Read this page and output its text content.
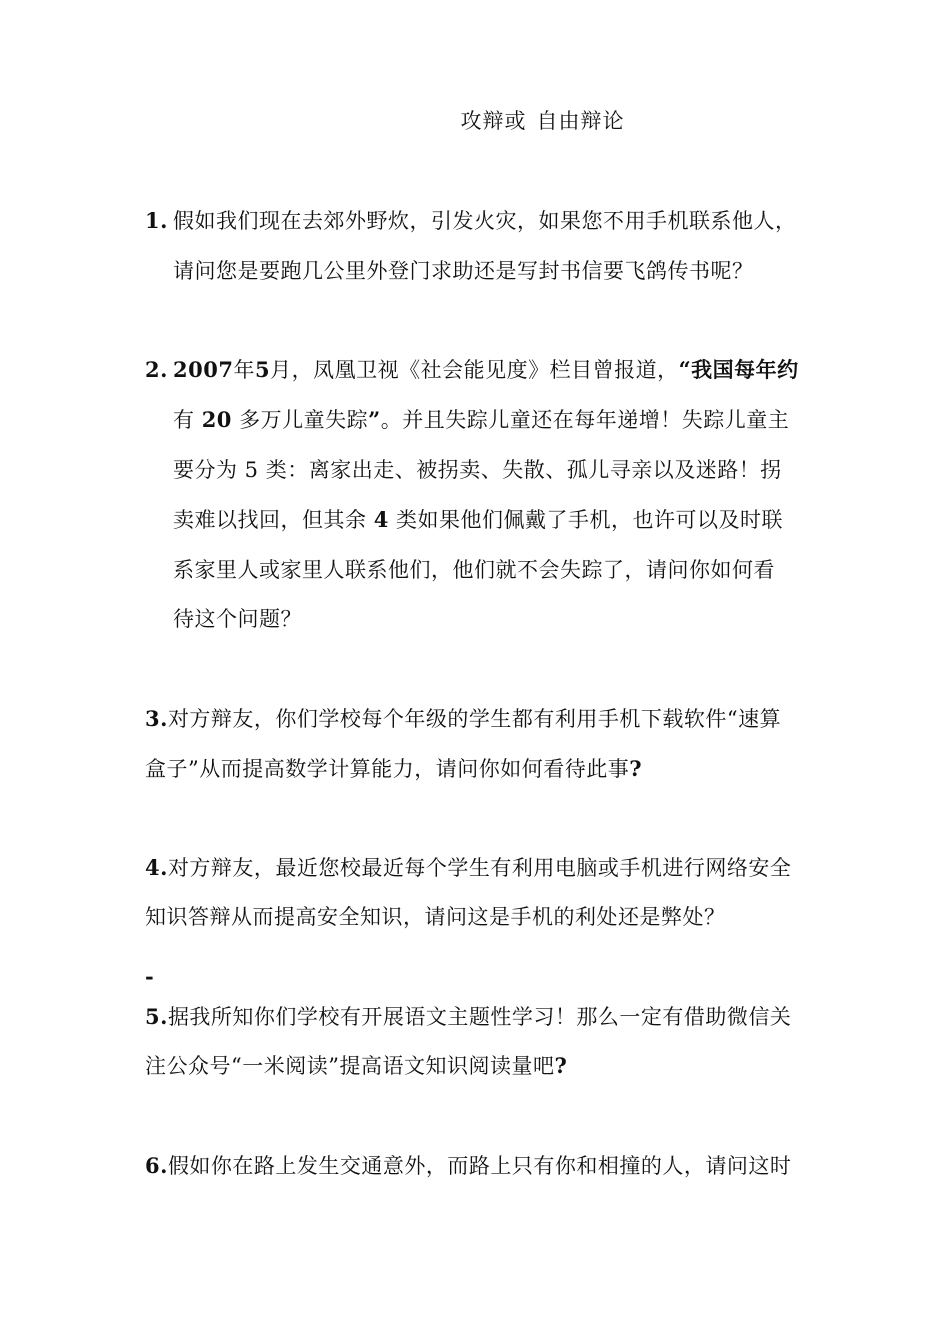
攻辩或 自由辩论
1. 假如我们现在去郊外野炊，引发火灾，如果您不用手机联系他人，
请问您是要跑几公里外登门求助还是写封书信要飞鸽传书呢？
2. 2007年5月，凤凰卫视《社会能见度》栏目曾报道，“我国每年约
有 20 多万儿童失踪”。并且失踪儿童还在每年递增！失踪儿童主
要分为 5 类：离家出走、被拐卖、失散、孤儿寻亲以及迷路！拐
卖难以找回，但其余 4 类如果他们佩戴了手机，也许可以及时联
系家里人或家里人联系他们，他们就不会失踪了，请问你如何看
待这个问题？
3.对方辩友，你们学校每个年级的学生都有利用手机下载软件“速算
盒子”从而提高数学计算能力，请问你如何看待此事?
4.对方辩友，最近您校最近每个学生有利用电脑或手机进行网络安全
知识答辩从而提高安全知识，请问这是手机的利处还是弊处？
-
5.据我所知你们学校有开展语文主题性学习！那么一定有借助微信关
注公众号“一米阅读”提高语文知识阅读量吧?
6.假如你在路上发生交通意外，而路上只有你和相撞的人，请问这时
